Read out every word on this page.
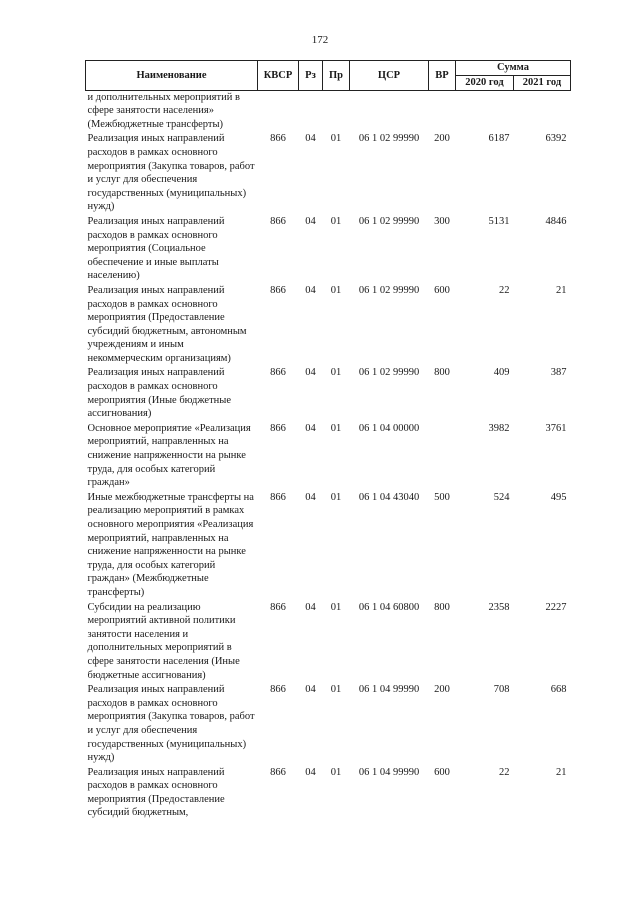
172
Наименование	КВСР	Рз	Пр	ЦСР	ВР	Сумма	
						2020 год	2021 год
и дополнительных мероприятий в сфере занятости населения» (Межбюджетные трансферты)							
Реализация иных направлений расходов в рамках основного мероприятия (Закупка товаров, работ и услуг для обеспечения государственных (муниципальных) нужд)	866	04	01	06 1 02 99990	200	6187	6392
Реализация иных направлений расходов в рамках основного мероприятия (Социальное обеспечение и иные выплаты населению)	866	04	01	06 1 02 99990	300	5131	4846
Реализация иных направлений расходов в рамках основного мероприятия (Предоставление субсидий бюджетным, автономным учреждениям и иным некоммерческим организациям)	866	04	01	06 1 02 99990	600	22	21
Реализация иных направлений расходов в рамках основного мероприятия (Иные бюджетные ассигнования)	866	04	01	06 1 02 99990	800	409	387
Основное мероприятие «Реализация мероприятий, направленных на снижение напряженности на рынке труда, для особых категорий граждан»	866	04	01	06 1 04 00000		3982	3761
Иные межбюджетные трансферты на реализацию мероприятий в рамках основного мероприятия «Реализация мероприятий, направленных на снижение напряженности на рынке труда, для особых категорий граждан» (Межбюджетные трансферты)	866	04	01	06 1 04 43040	500	524	495
Субсидии на реализацию мероприятий активной политики занятости населения и дополнительных мероприятий в сфере занятости населения (Иные бюджетные ассигнования)	866	04	01	06 1 04 60800	800	2358	2227
Реализация иных направлений расходов в рамках основного мероприятия (Закупка товаров, работ и услуг для обеспечения государственных (муниципальных) нужд)	866	04	01	06 1 04 99990	200	708	668
Реализация иных направлений расходов в рамках основного мероприятия (Предоставление субсидий бюджетным,	866	04	01	06 1 04 99990	600	22	21
